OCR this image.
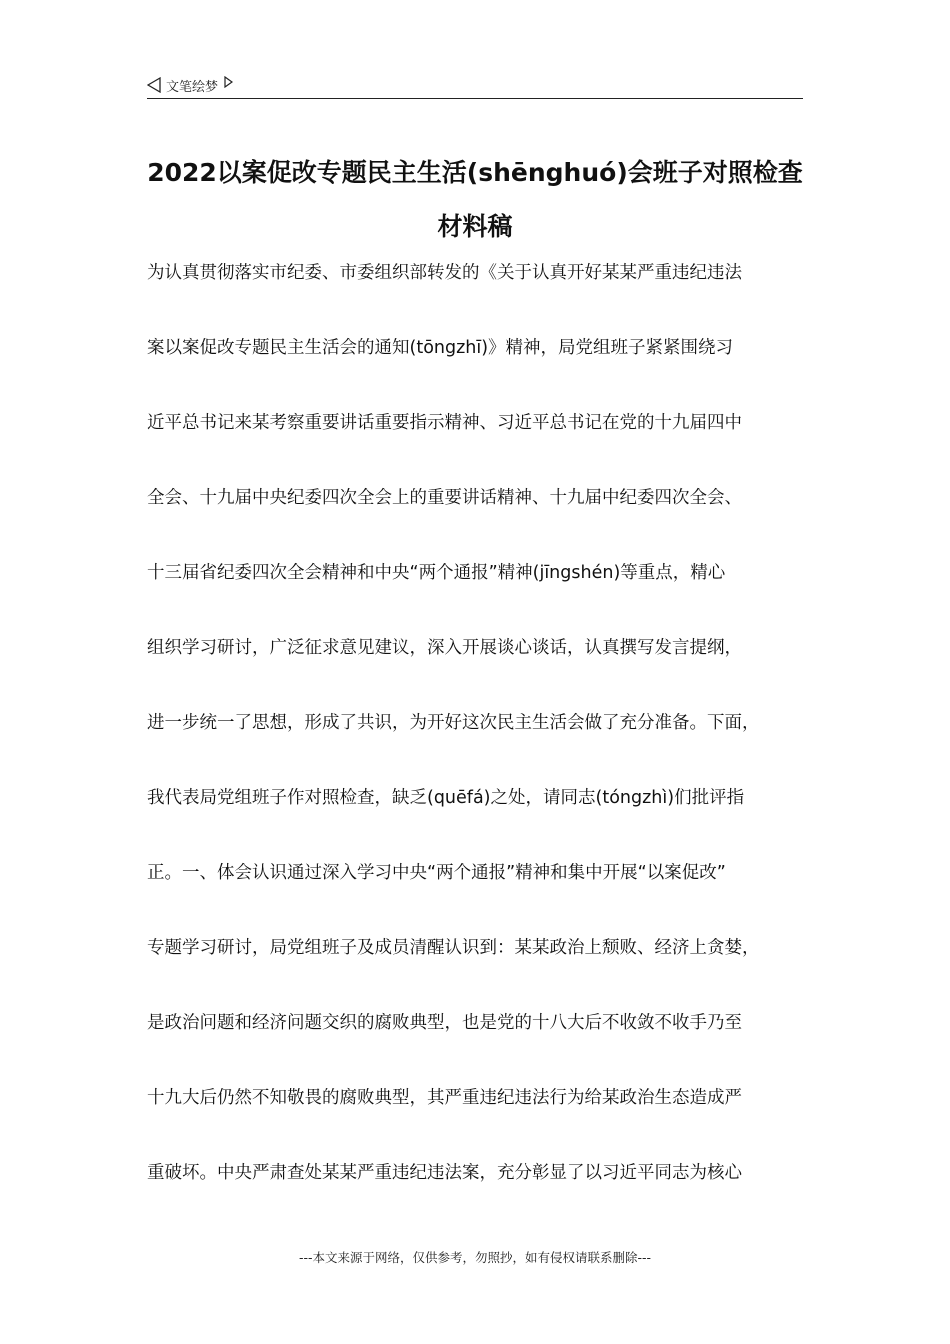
文笔绘梦
2022以案促改专题民主生活(shēnghuó)会班子对照检查
材料稿
为认真贯彻落实市纪委、市委组织部转发的《关于认真开好某某严重违纪违法
案以案促改专题民主生活会的通知(tōngzhī)》精神，局党组班子紧紧围绕习
近平总书记来某考察重要讲话重要指示精神、习近平总书记在党的十九届四中
全会、十九届中央纪委四次全会上的重要讲话精神、十九届中纪委四次全会、
十三届省纪委四次全会精神和中央“两个通报”精神(jīngshén)等重点，精心
组织学习研讨，广泛征求意见建议，深入开展谈心谈话，认真撰写发言提纲，
进一步统一了思想，形成了共识，为开好这次民主生活会做了充分准备。下面，
我代表局党组班子作对照检查，缺乏(quēfá)之处，请同志(tóngzhì)们批评指
正。一、体会认识通过深入学习中央“两个通报”精神和集中开展“以案促改”
专题学习研讨，局党组班子及成员清醒认识到：某某政治上颓败、经济上贪婪，
是政治问题和经济问题交织的腐败典型，也是党的十八大后不收敛不收手乃至
十九大后仍然不知敬畏的腐败典型，其严重违纪违法行为给某政治生态造成严
重破坏。中央严肃查处某某严重违纪违法案，充分彰显了以习近平同志为核心
---本文来源于网络，仅供参考，勿照抄，如有侵权请联系删除---
